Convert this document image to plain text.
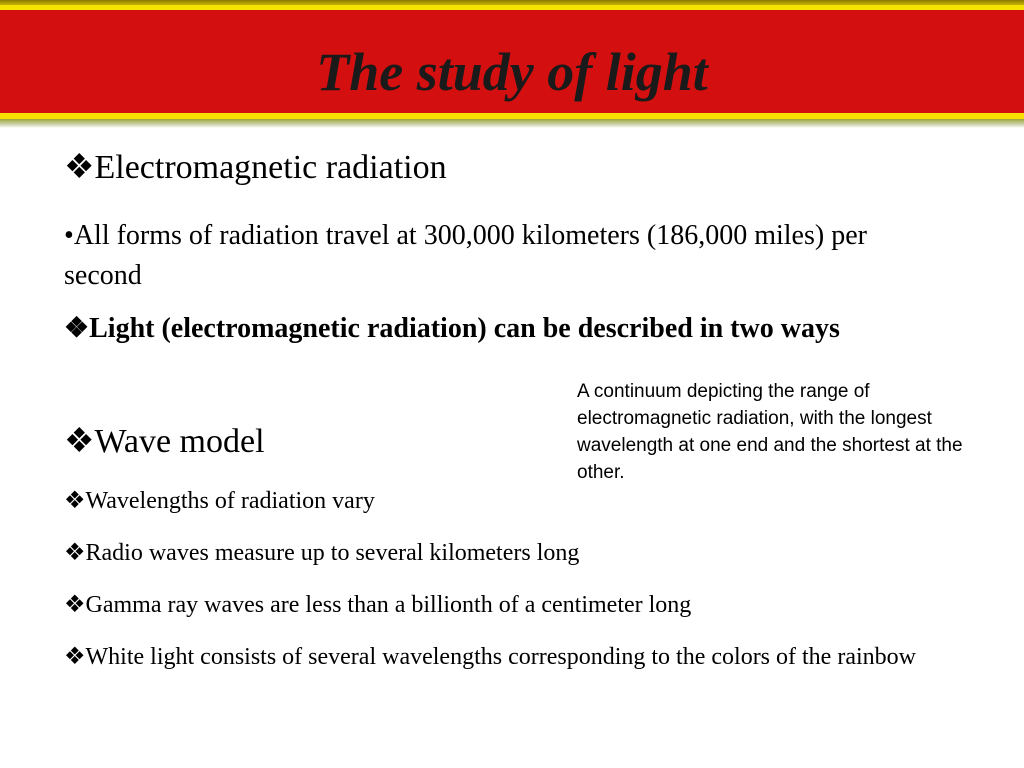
The study of light

❖Electromagnetic radiation

•All forms of radiation travel at 300,000 kilometers (186,000 miles) per second

❖Light (electromagnetic radiation) can be described in two ways

❖Wave model

❖Wavelengths of radiation vary

❖Radio waves measure up to several kilometers long

❖Gamma ray waves are less than a billionth of a centimeter long

❖White light consists of several wavelengths corresponding to the colors of the rainbow

A continuum depicting the range of electromagnetic radiation, with the longest wavelength at one end and the shortest at the other.
